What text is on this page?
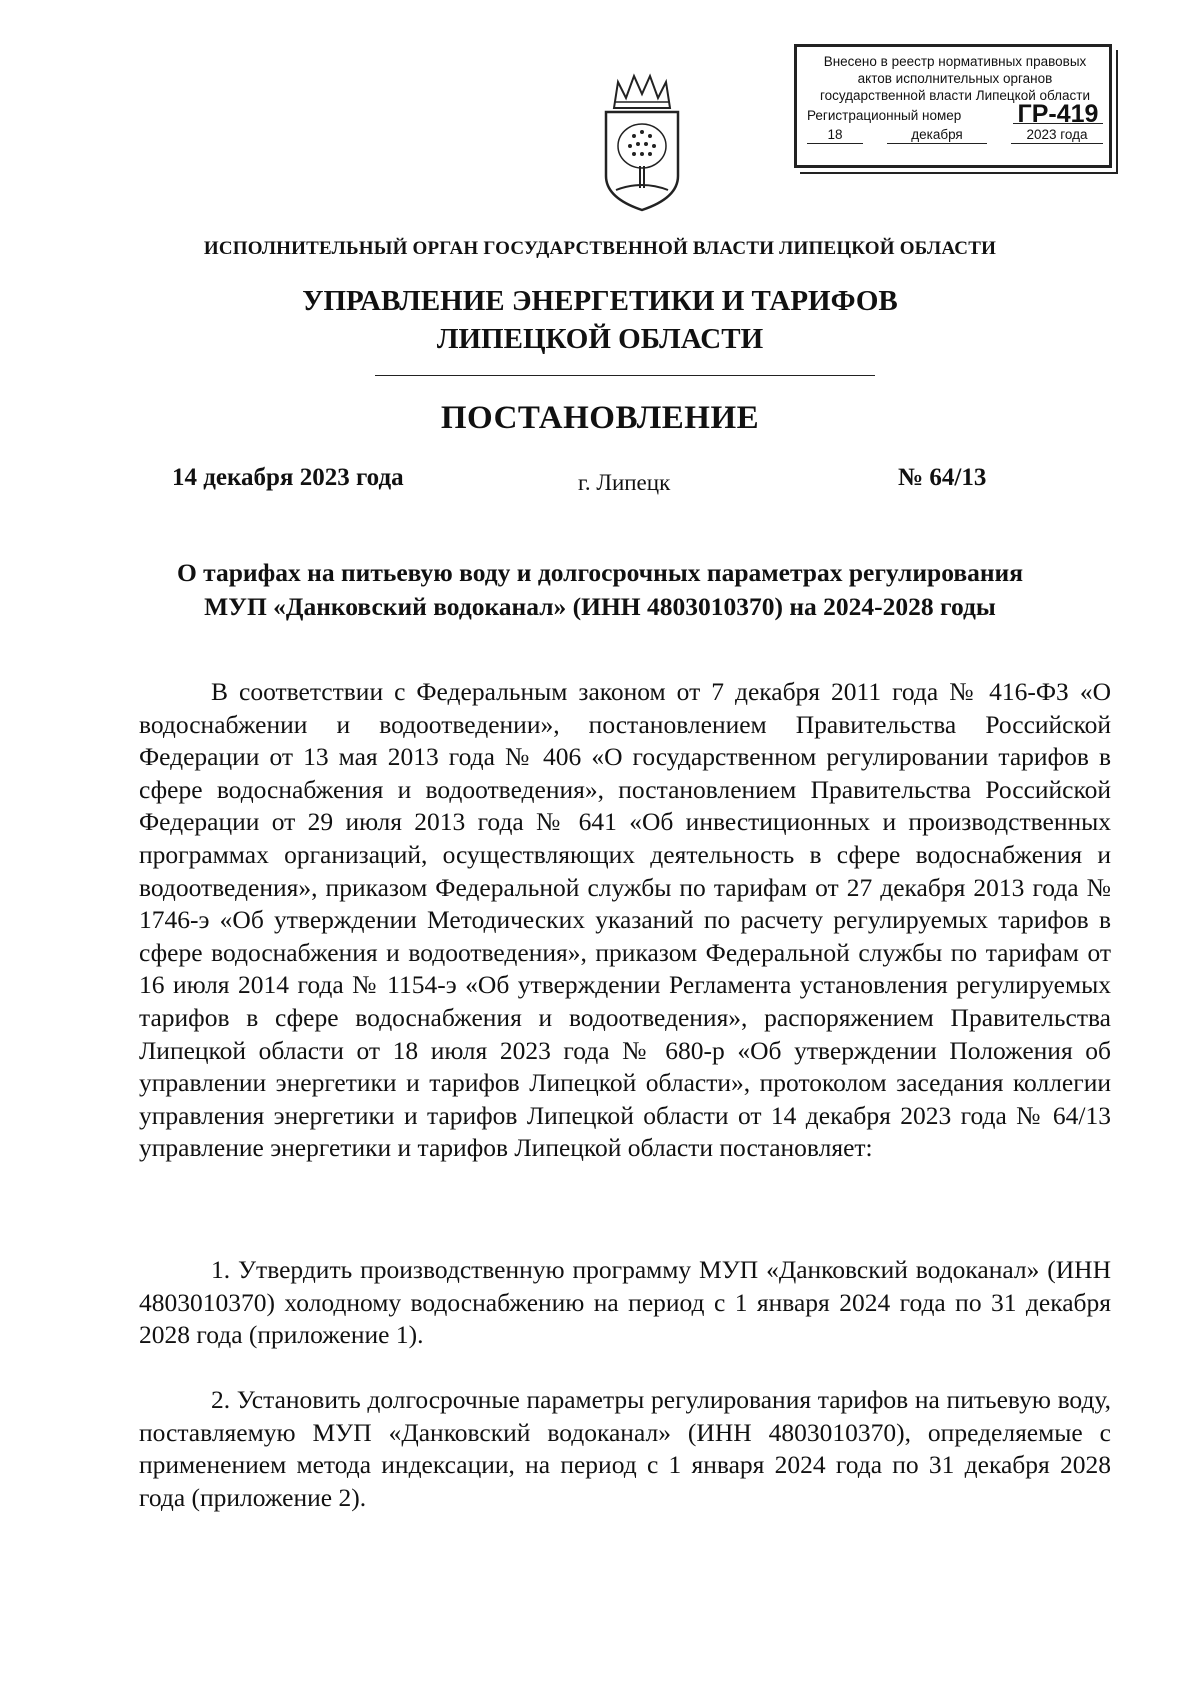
Внесено в реестр нормативных правовых
актов исполнительных органов
государственной власти Липецкой области
Регистрационный номер ГР-419
18	декабря	2023 года
ИСПОЛНИТЕЛЬНЫЙ ОРГАН ГОСУДАРСТВЕННОЙ ВЛАСТИ ЛИПЕЦКОЙ ОБЛАСТИ
УПРАВЛЕНИЕ ЭНЕРГЕТИКИ И ТАРИФОВ
ЛИПЕЦКОЙ ОБЛАСТИ
ПОСТАНОВЛЕНИЕ
14 декабря 2023 года	г. Липецк	№ 64/13
О тарифах на питьевую воду и долгосрочных параметрах регулирования
МУП «Данковский водоканал» (ИНН 4803010370) на 2024-2028 годы
В соответствии с Федеральным законом от 7 декабря 2011 года № 416-ФЗ «О водоснабжении и водоотведении», постановлением Правительства Российской Федерации от 13 мая 2013 года № 406 «О государственном регулировании тарифов в сфере водоснабжения и водоотведения», постановлением Правительства Российской Федерации от 29 июля 2013 года № 641 «Об инвестиционных и производственных программах организаций, осуществляющих деятельность в сфере водоснабжения и водоотведения», приказом Федеральной службы по тарифам от 27 декабря 2013 года № 1746-э «Об утверждении Методических указаний по расчету регулируемых тарифов в сфере водоснабжения и водоотведения», приказом Федеральной службы по тарифам от 16 июля 2014 года № 1154-э «Об утверждении Регламента установления регулируемых тарифов в сфере водоснабжения и водоотведения», распоряжением Правительства Липецкой области от 18 июля 2023 года № 680-р «Об утверждении Положения об управлении энергетики и тарифов Липецкой области», протоколом заседания коллегии управления энергетики и тарифов Липецкой области от 14 декабря 2023 года № 64/13 управление энергетики и тарифов Липецкой области постановляет:
1. Утвердить производственную программу МУП «Данковский водоканал» (ИНН 4803010370) холодному водоснабжению на период с 1 января 2024 года по 31 декабря 2028 года (приложение 1).
2. Установить долгосрочные параметры регулирования тарифов на питьевую воду, поставляемую МУП «Данковский водоканал» (ИНН 4803010370), определяемые с применением метода индексации, на период с 1 января 2024 года по 31 декабря 2028 года (приложение 2).
